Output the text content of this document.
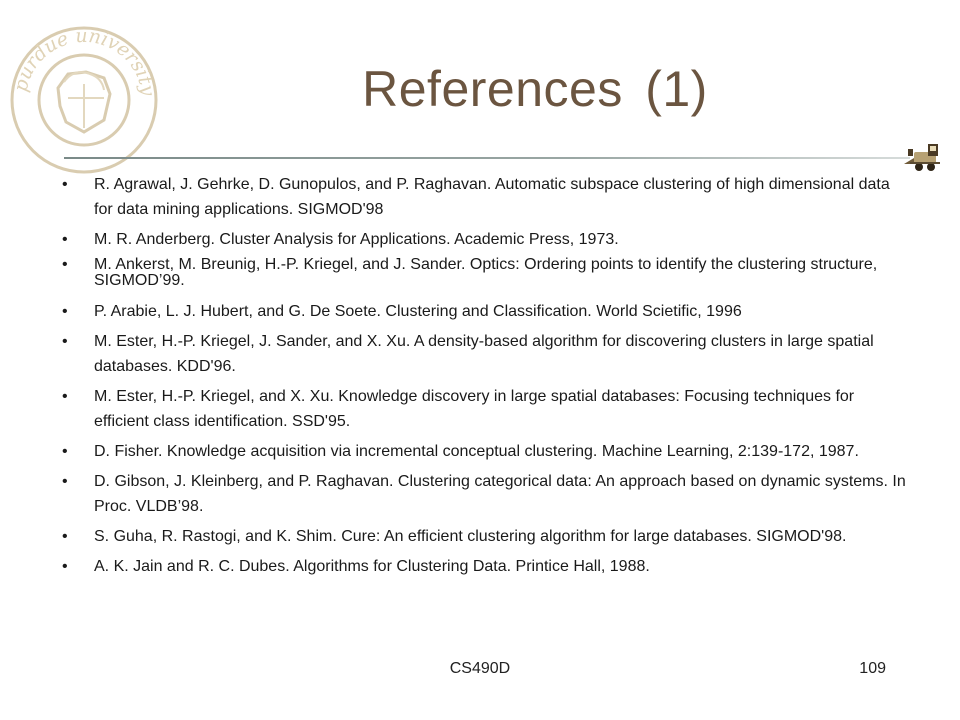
purdue university	References (1)
• R. Agrawal, J. Gehrke, D. Gunopulos, and P. Raghavan. Automatic subspace clustering of high dimensional data for data mining applications. SIGMOD'98
• M. R. Anderberg. Cluster Analysis for Applications. Academic Press, 1973.
• M. Ankerst, M. Breunig, H.-P. Kriegel, and J. Sander. Optics: Ordering points to identify the clustering structure, SIGMOD’99.
• P. Arabie, L. J. Hubert, and G. De Soete. Clustering and Classification. World Scietific, 1996
• M. Ester, H.-P. Kriegel, J. Sander, and X. Xu. A density-based algorithm for discovering clusters in large spatial databases. KDD'96.
• M. Ester, H.-P. Kriegel, and X. Xu. Knowledge discovery in large spatial databases: Focusing techniques for efficient class identification. SSD'95.
• D. Fisher. Knowledge acquisition via incremental conceptual clustering. Machine Learning, 2:139-172, 1987.
• D. Gibson, J. Kleinberg, and P. Raghavan. Clustering categorical data: An approach based on dynamic systems. In Proc. VLDB’98.
• S. Guha, R. Rastogi, and K. Shim. Cure: An efficient clustering algorithm for large databases. SIGMOD'98.
• A. K. Jain and R. C. Dubes. Algorithms for Clustering Data. Printice Hall, 1988.
CS490D	109
